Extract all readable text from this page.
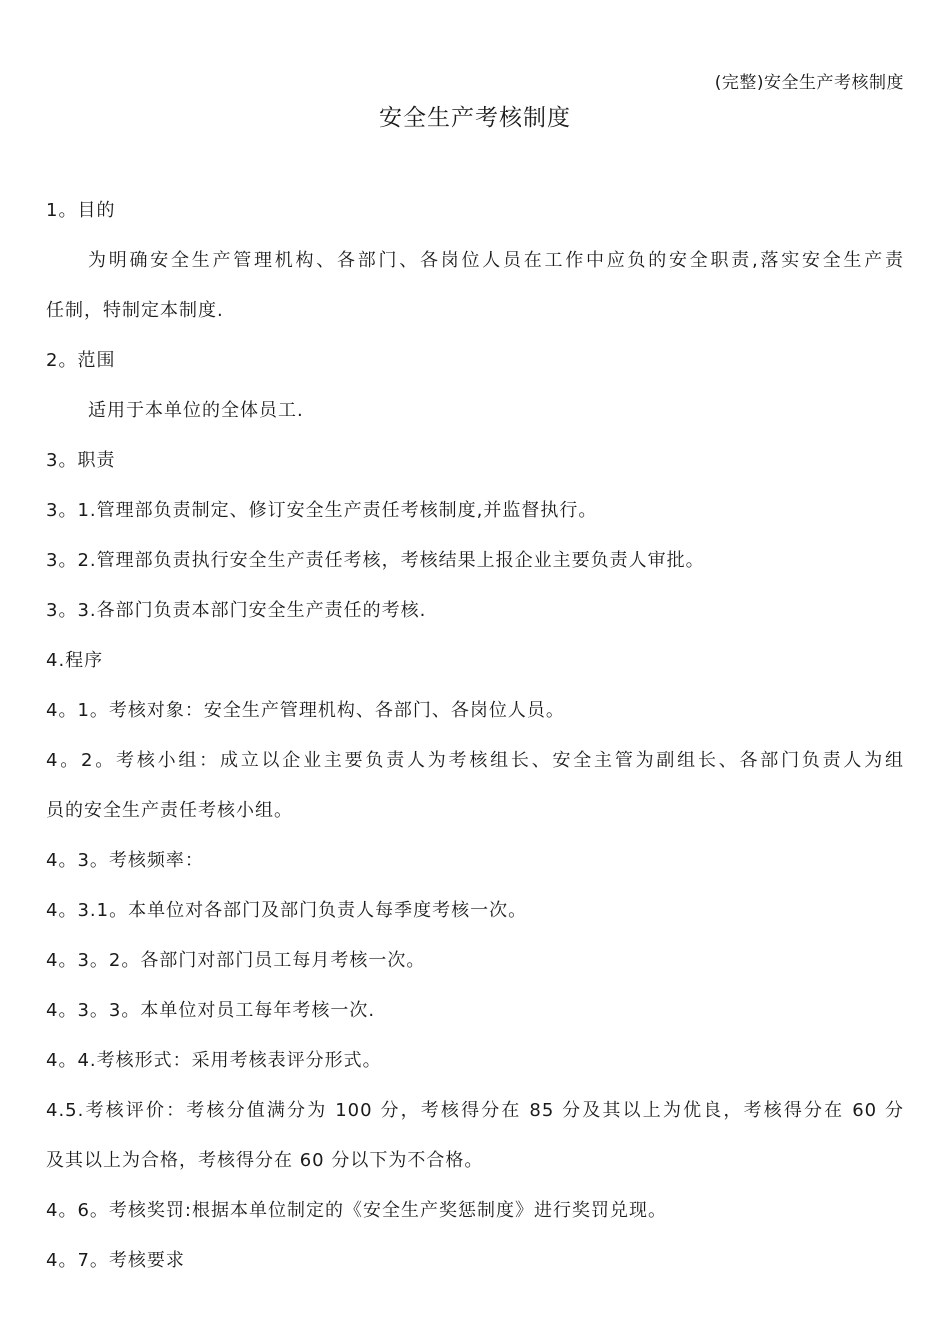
(完整)安全生产考核制度
安全生产考核制度
1。目的
为明确安全生产管理机构、各部门、各岗位人员在工作中应负的安全职责,落实安全生产责
任制，特制定本制度.
2。范围
适用于本单位的全体员工.
3。职责
3。1.管理部负责制定、修订安全生产责任考核制度,并监督执行。
3。2.管理部负责执行安全生产责任考核，考核结果上报企业主要负责人审批。
3。3.各部门负责本部门安全生产责任的考核.
4.程序
4。1。考核对象：安全生产管理机构、各部门、各岗位人员。
4。2。考核小组：成立以企业主要负责人为考核组长、安全主管为副组长、各部门负责人为组
员的安全生产责任考核小组。
4。3。考核频率：
4。3.1。本单位对各部门及部门负责人每季度考核一次。
4。3。2。各部门对部门员工每月考核一次。
4。3。3。本单位对员工每年考核一次.
4。4.考核形式：采用考核表评分形式。
4.5.考核评价：考核分值满分为 100 分，考核得分在 85 分及其以上为优良，考核得分在 60 分
及其以上为合格，考核得分在 60 分以下为不合格。
4。6。考核奖罚:根据本单位制定的《安全生产奖惩制度》进行奖罚兑现。
4。7。考核要求
